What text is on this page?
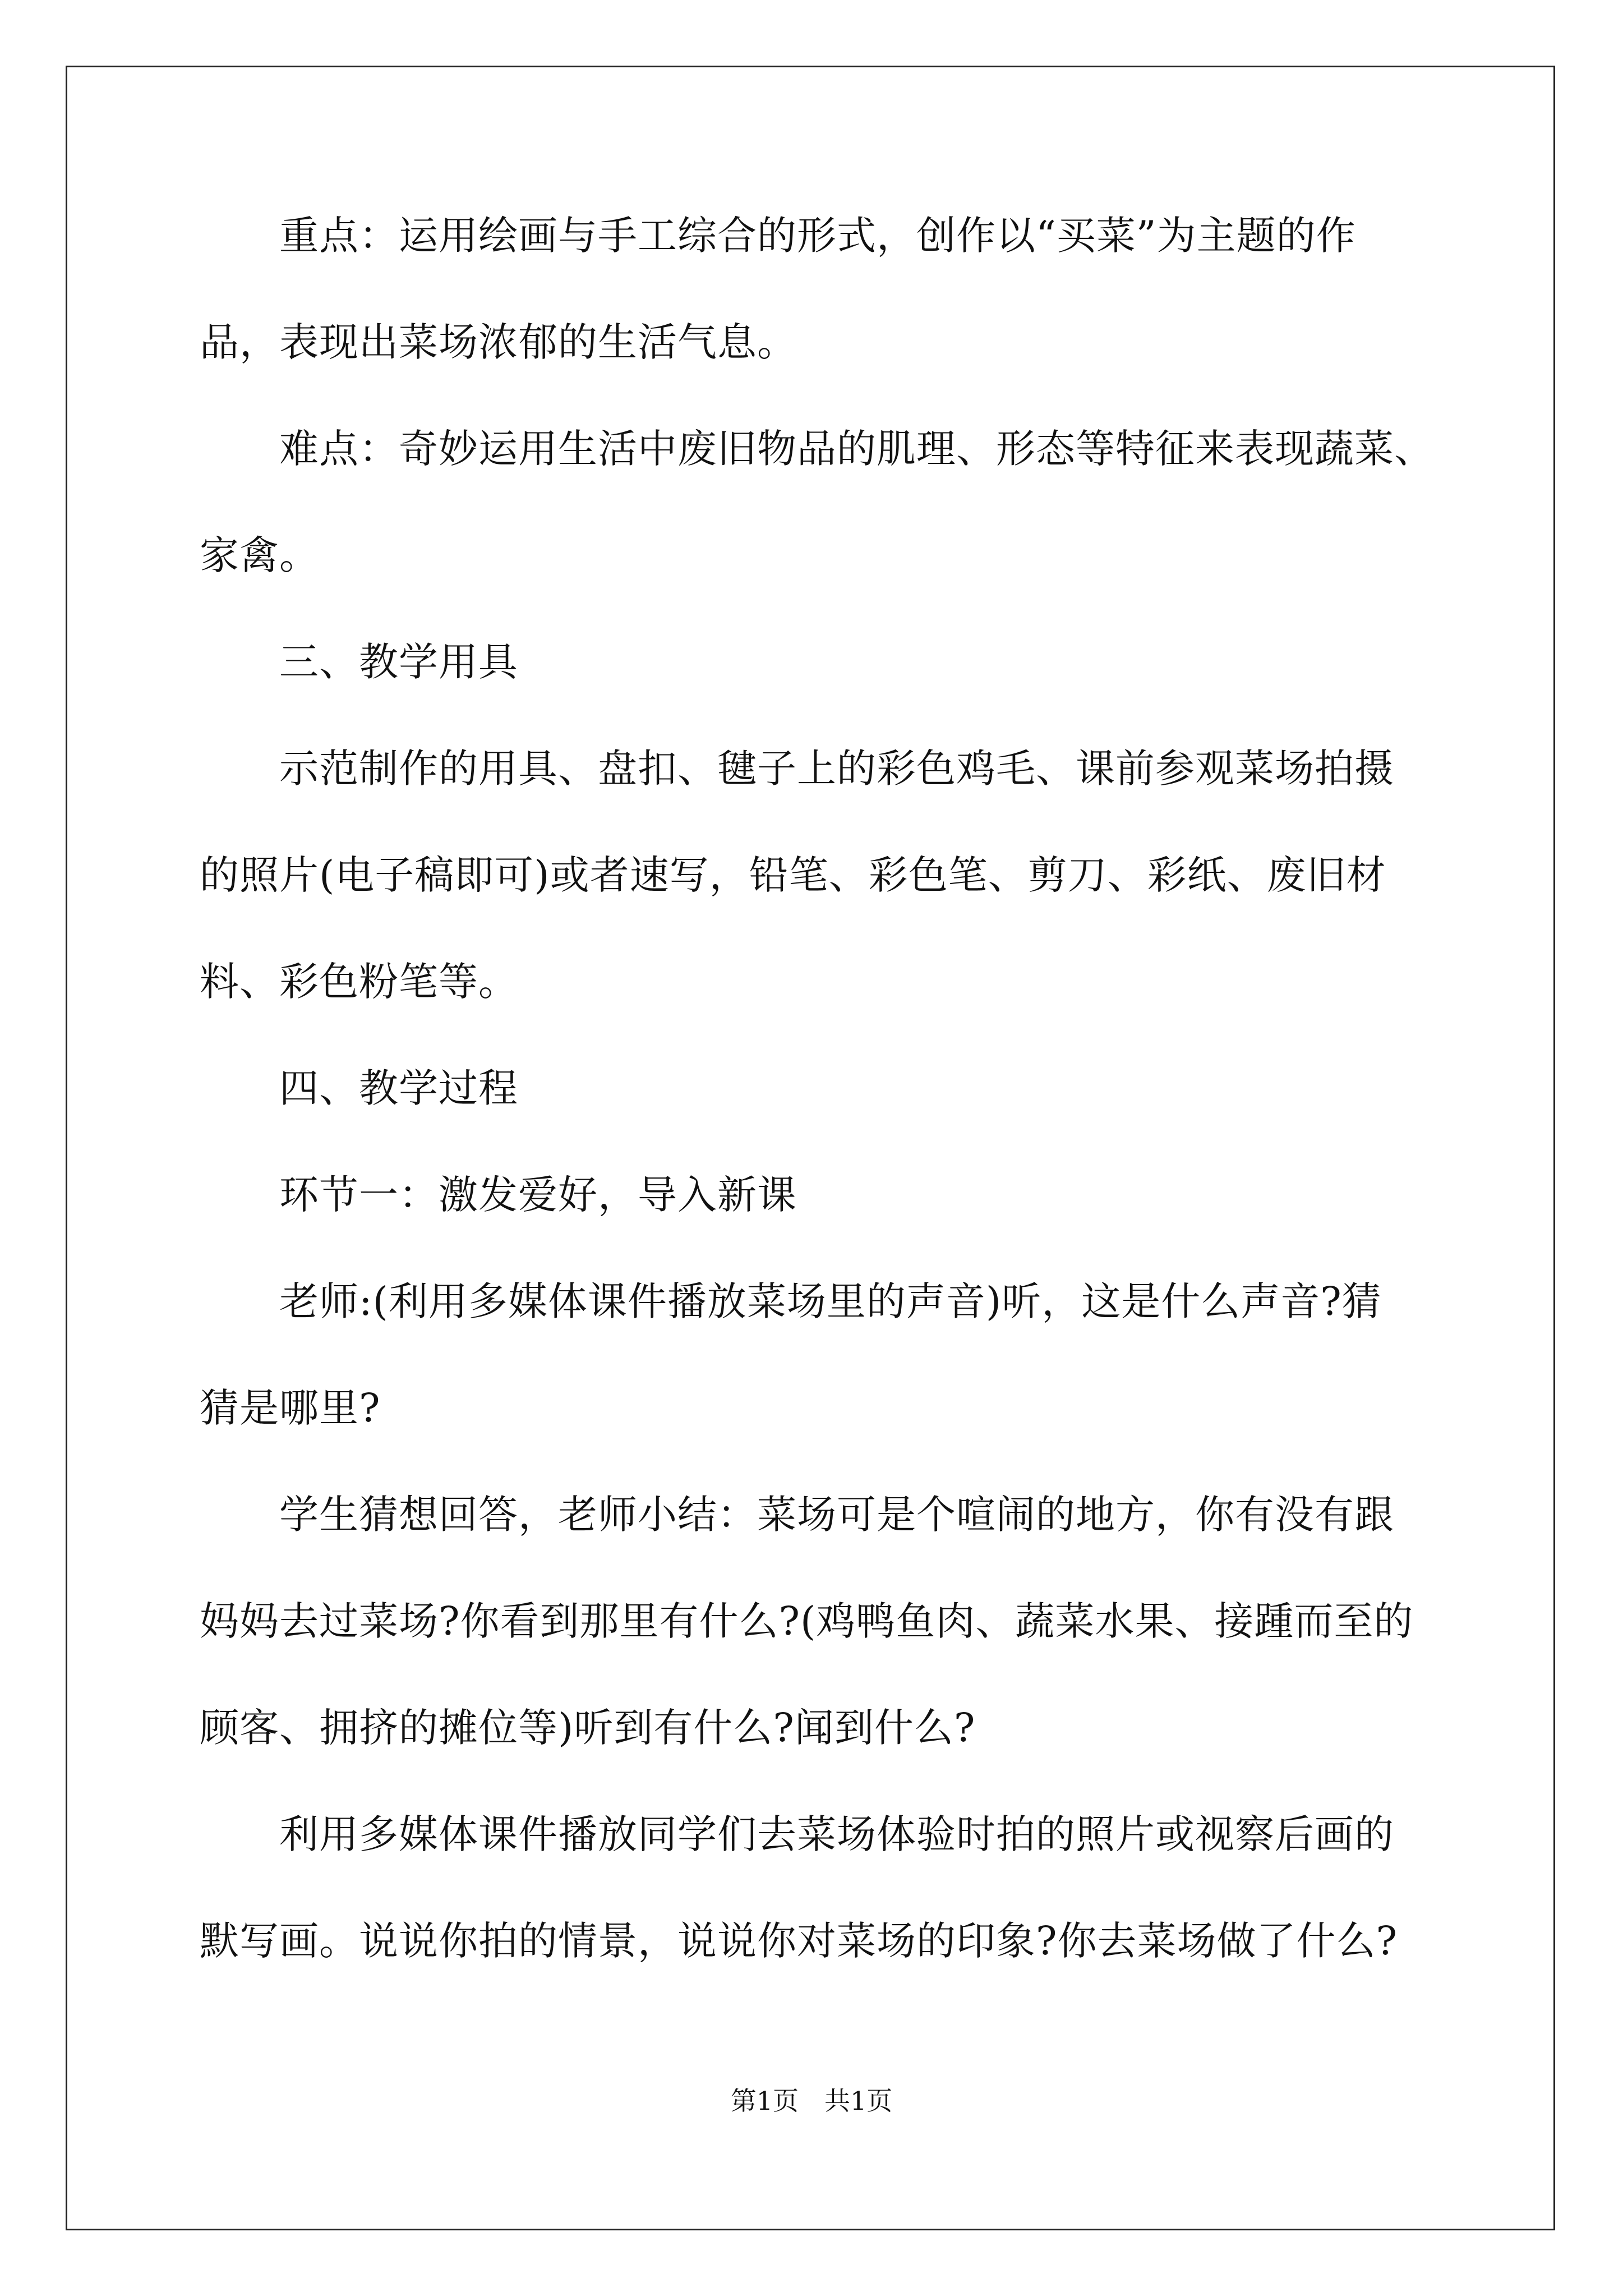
　　重点：运用绘画与手工综合的形式，创作以“买菜”为主题的作
品，表现出菜场浓郁的生活气息。
　　难点：奇妙运用生活中废旧物品的肌理、形态等特征来表现蔬菜、
家禽。
　　三、教学用具
　　示范制作的用具、盘扣、毽子上的彩色鸡毛、课前参观菜场拍摄
的照片(电子稿即可)或者速写，铅笔、彩色笔、剪刀、彩纸、废旧材
料、彩色粉笔等。
　　四、教学过程
　　环节一：激发爱好，导入新课
　　老师:(利用多媒体课件播放菜场里的声音)听，这是什么声音?猜
猜是哪里?
　　学生猜想回答，老师小结：菜场可是个喧闹的地方，你有没有跟
妈妈去过菜场?你看到那里有什么?(鸡鸭鱼肉、蔬菜水果、接踵而至的
顾客、拥挤的摊位等)听到有什么?闻到什么?
　　利用多媒体课件播放同学们去菜场体验时拍的照片或视察后画的
默写画。说说你拍的情景，说说你对菜场的印象?你去菜场做了什么?
第1页　共1页
